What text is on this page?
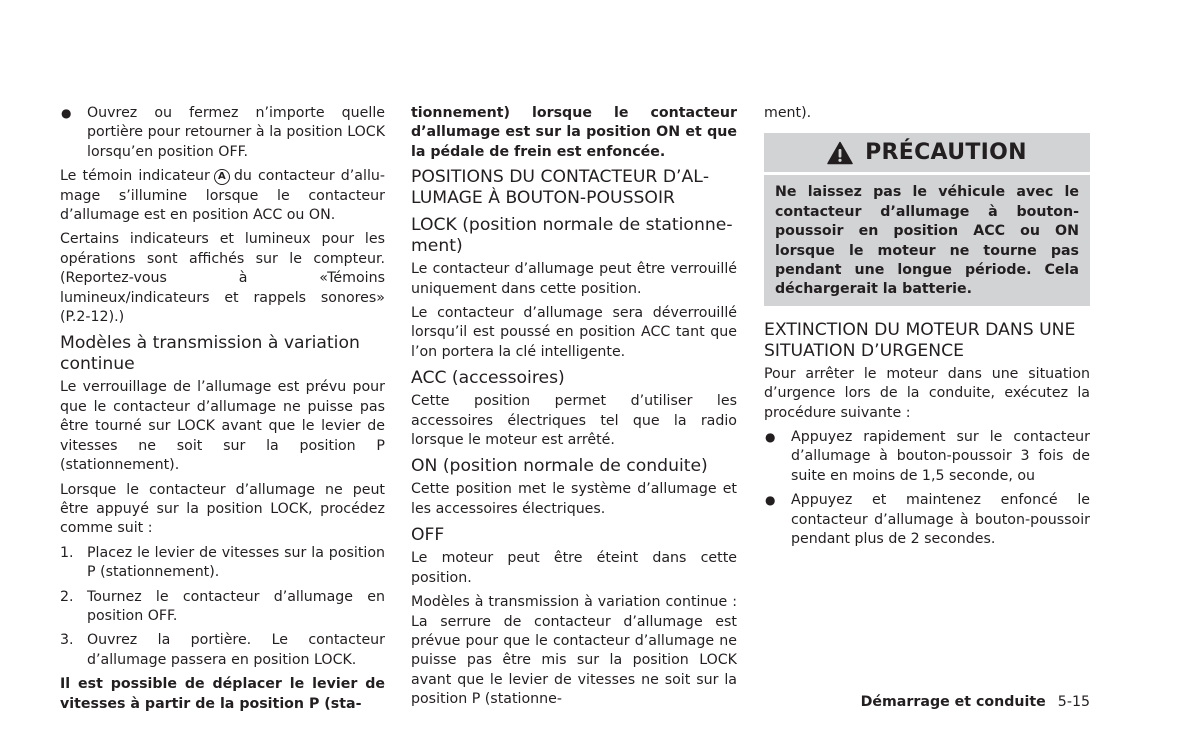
●	Ouvrez ou fermez n’importe quelle portière pour retourner à la position LOCK lorsqu’en position OFF.

Le témoin indicateur A du contacteur d’allumage s’illumine lorsque le contacteur d’allumage est en position ACC ou ON.

Certains indicateurs et lumineux pour les opérations sont affichés sur le compteur. (Reportez-vous à «Témoins lumineux/indicateurs et rappels sonores» (P.2-12).)

Modèles à transmission à variation continue

Le verrouillage de l’allumage est prévu pour que le contacteur d’allumage ne puisse pas être tourné sur LOCK avant que le levier de vitesses ne soit sur la position P (stationnement).

Lorsque le contacteur d’allumage ne peut être appuyé sur la position LOCK, procédez comme suit :

1. Placez le levier de vitesses sur la position P (stationnement).
2. Tournez le contacteur d’allumage en position OFF.
3. Ouvrez la portière. Le contacteur d’allumage passera en position LOCK.

Il est possible de déplacer le levier de vitesses à partir de la position P (sta-

tionnement) lorsque le contacteur d’allumage est sur la position ON et que la pédale de frein est enfoncée.

POSITIONS DU CONTACTEUR D’ALLUMAGE À BOUTON-POUSSOIR
LOCK (position normale de stationnement)

Le contacteur d’allumage peut être verrouillé uniquement dans cette position.

Le contacteur d’allumage sera déverrouillé lorsqu’il est poussé en position ACC tant que l’on portera la clé intelligente.

ACC (accessoires)

Cette position permet d’utiliser les accessoires électriques tel que la radio lorsque le moteur est arrêté.

ON (position normale de conduite)

Cette position met le système d’allumage et les accessoires électriques.

OFF

Le moteur peut être éteint dans cette position.

Modèles à transmission à variation continue : La serrure de contacteur d’allumage est prévue pour que le contacteur d’allumage ne puisse pas être mis sur la position LOCK avant que le levier de vitesses ne soit sur la position P (stationne-

ment).

PRÉCAUTION
Ne laissez pas le véhicule avec le contacteur d’allumage à bouton-poussoir en position ACC ou ON lorsque le moteur ne tourne pas pendant une longue période. Cela déchargerait la batterie.
EXTINCTION DU MOTEUR DANS UNE SITUATION D’URGENCE

Pour arrêter le moteur dans une situation d’urgence lors de la conduite, exécutez la procédure suivante :

●	Appuyez rapidement sur le contacteur d’allumage à bouton-poussoir 3 fois de suite en moins de 1,5 seconde, ou
●	Appuyez et maintenez enfoncé le contacteur d’allumage à bouton-poussoir pendant plus de 2 secondes.
Démarrage et conduite 5-15
